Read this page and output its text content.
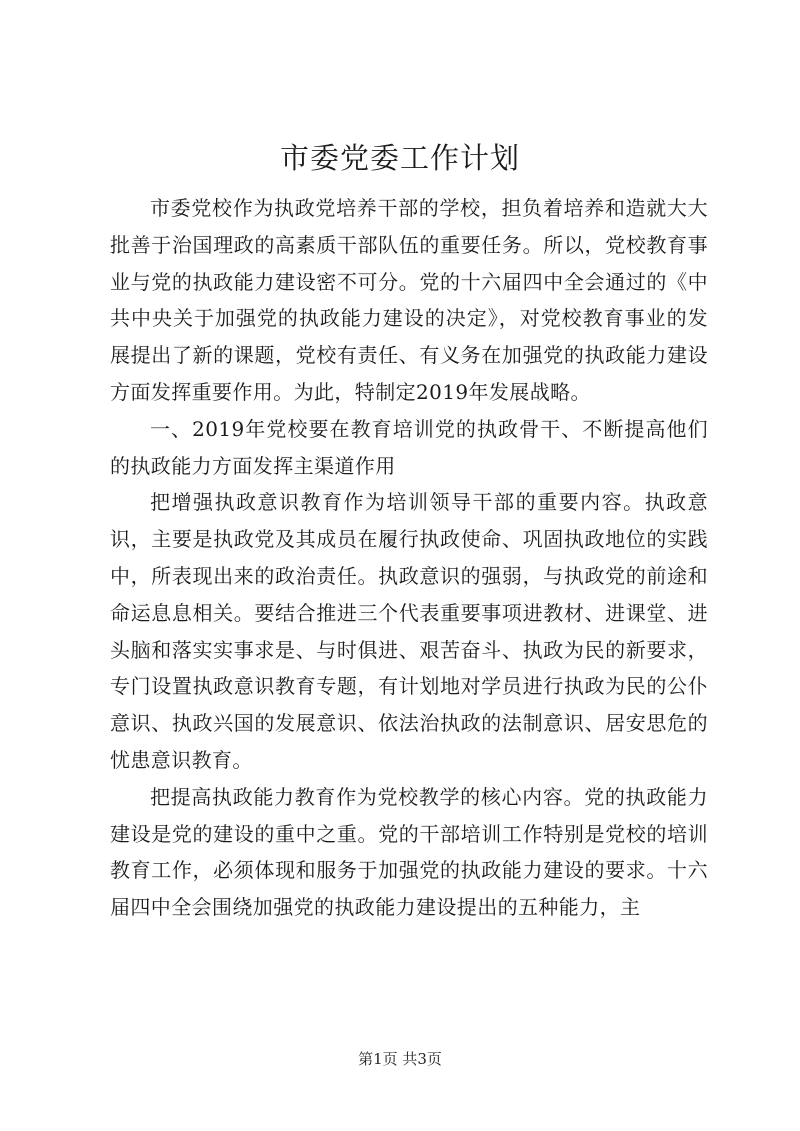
市委党委工作计划

市委党校作为执政党培养干部的学校，担负着培养和造就大大批善于治国理政的高素质干部队伍的重要任务。所以，党校教育事业与党的执政能力建设密不可分。党的十六届四中全会通过的《中共中央关于加强党的执政能力建设的决定》，对党校教育事业的发展提出了新的课题，党校有责任、有义务在加强党的执政能力建设方面发挥重要作用。为此，特制定2019年发展战略。

一、2019年党校要在教育培训党的执政骨干、不断提高他们的执政能力方面发挥主渠道作用

把增强执政意识教育作为培训领导干部的重要内容。执政意识，主要是执政党及其成员在履行执政使命、巩固执政地位的实践中，所表现出来的政治责任。执政意识的强弱，与执政党的前途和命运息息相关。要结合推进三个代表重要事项进教材、进课堂、进头脑和落实实事求是、与时俱进、艰苦奋斗、执政为民的新要求，专门设置执政意识教育专题，有计划地对学员进行执政为民的公仆意识、执政兴国的发展意识、依法治执政的法制意识、居安思危的忧患意识教育。

把提高执政能力教育作为党校教学的核心内容。党的执政能力建设是党的建设的重中之重。党的干部培训工作特别是党校的培训教育工作，必须体现和服务于加强党的执政能力建设的要求。十六届四中全会围绕加强党的执政能力建设提出的五种能力，主

第1页 共3页
